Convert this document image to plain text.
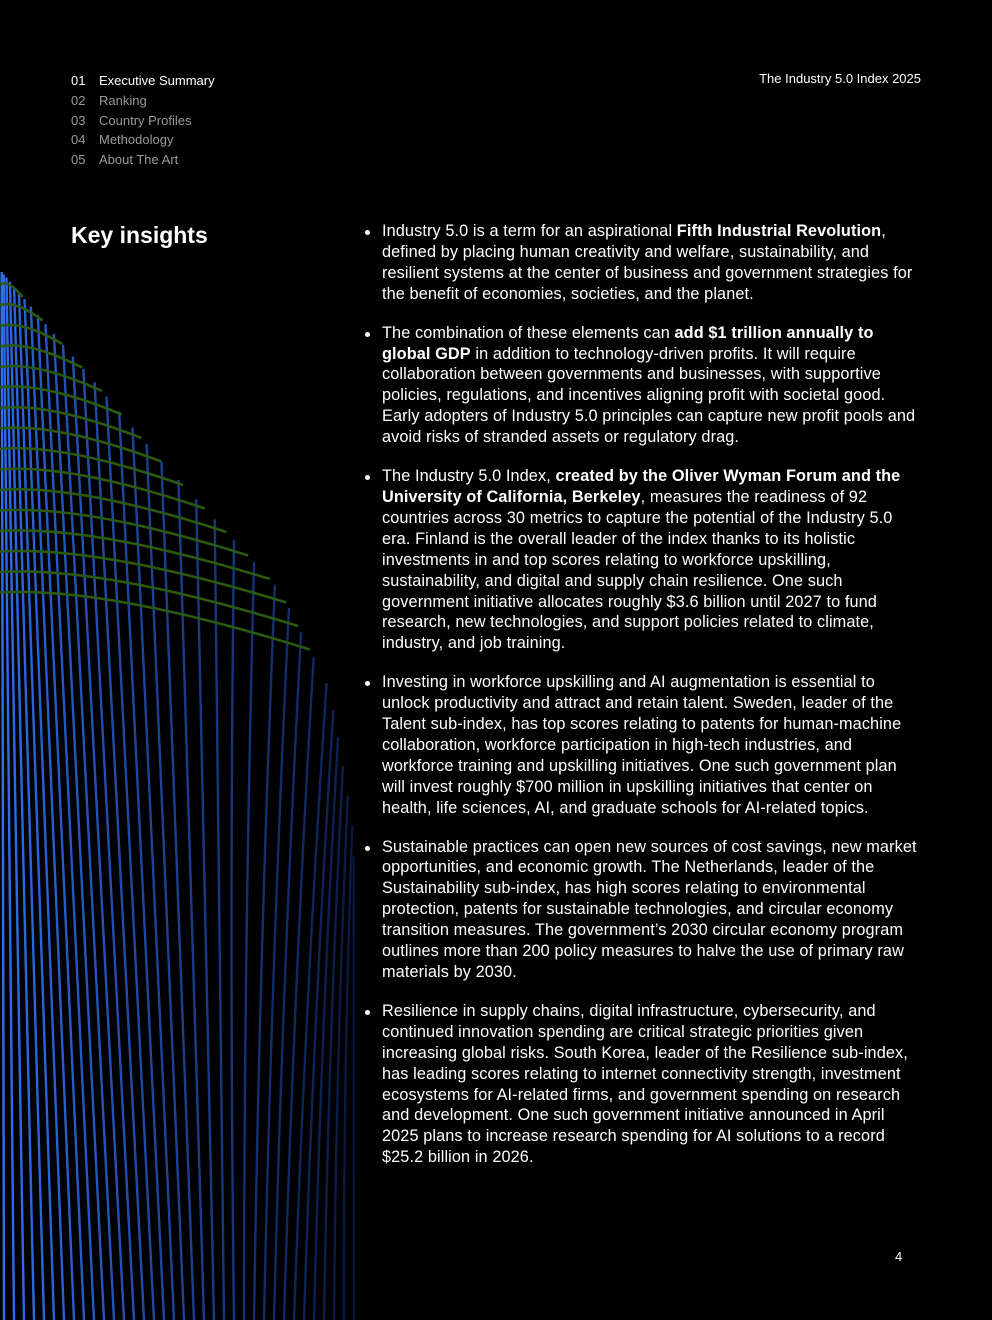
01	Executive Summary
02	Ranking
03	Country Profiles
04	Methodology
05	About The Art
The Industry 5.0 Index 2025
Key insights	Industry 5.0 is a term for an aspirational Fifth Industrial Revolution, defined by placing human creativity and welfare, sustainability, and resilient systems at the center of business and government strategies for the benefit of economies, societies, and the planet.
The combination of these elements can add $1 trillion annually to global GDP in addition to technology-driven profits. It will require collaboration between governments and businesses, with supportive policies, regulations, and incentives aligning profit with societal good. Early adopters of Industry 5.0 principles can capture new profit pools and avoid risks of stranded assets or regulatory drag.
The Industry 5.0 Index, created by the Oliver Wyman Forum and the University of California, Berkeley, measures the readiness of 92 countries across 30 metrics to capture the potential of the Industry 5.0 era. Finland is the overall leader of the index thanks to its holistic investments in and top scores relating to workforce upskilling, sustainability, and digital and supply chain resilience. One such government initiative allocates roughly $3.6 billion until 2027 to fund research, new technologies, and support policies related to climate, industry, and job training.
Investing in workforce upskilling and AI augmentation is essential to unlock productivity and attract and retain talent. Sweden, leader of the Talent sub-index, has top scores relating to patents for human-machine collaboration, workforce participation in high-tech industries, and workforce training and upskilling initiatives. One such government plan will invest roughly $700 million in upskilling initiatives that center on health, life sciences, AI, and graduate schools for AI-related topics.
Sustainable practices can open new sources of cost savings, new market opportunities, and economic growth. The Netherlands, leader of the Sustainability sub-index, has high scores relating to environmental protection, patents for sustainable technologies, and circular economy transition measures. The government’s 2030 circular economy program outlines more than 200 policy measures to halve the use of primary raw materials by 2030.
Resilience in supply chains, digital infrastructure, cybersecurity, and continued innovation spending are critical strategic priorities given increasing global risks. South Korea, leader of the Resilience sub-index, has leading scores relating to internet connectivity strength, investment ecosystems for AI-related firms, and government spending on research and development. One such government initiative announced in April 2025 plans to increase research spending for AI solutions to a record $25.2 billion in 2026.
4
